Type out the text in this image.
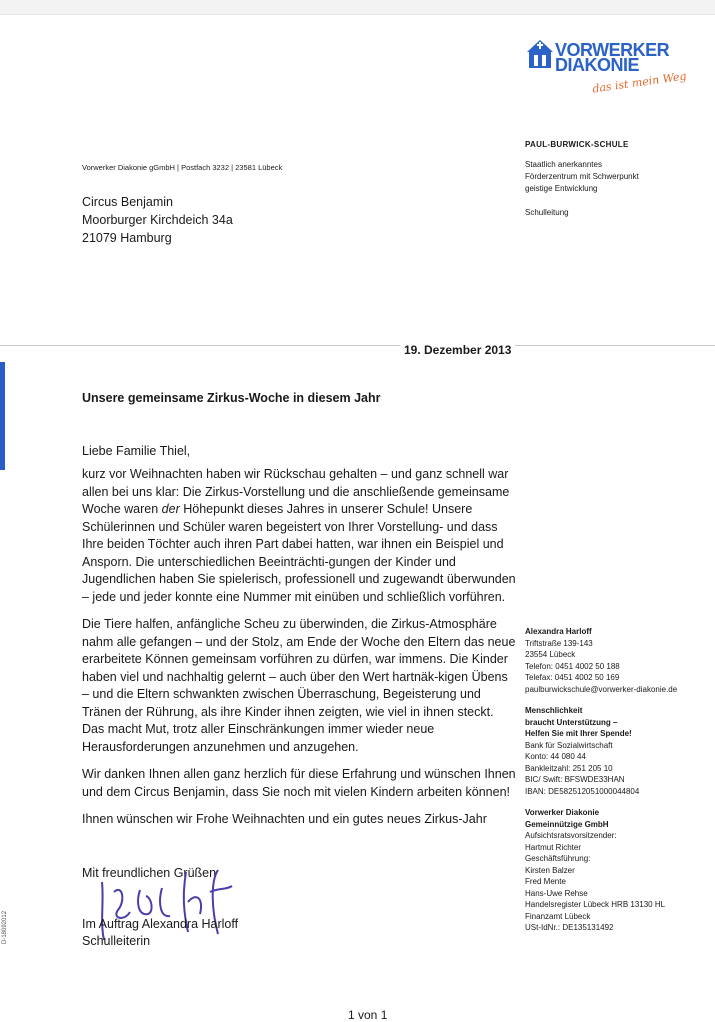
VORWERKER
DIAKONIE
das ist mein Weg
PAUL-BURWICK-SCHULE
Staatlich anerkanntes
Förderzentrum mit Schwerpunkt
geistige Entwicklung
Schulleitung
Vorwerker Diakonie gGmbH | Postfach 3232 | 23581 Lübeck
Circus Benjamin
Moorburger Kirchdeich 34a
21079 Hamburg
19. Dezember 2013
Unsere gemeinsame Zirkus-Woche in diesem Jahr
Liebe Familie Thiel,

kurz vor Weihnachten haben wir Rückschau gehalten – und ganz schnell war allen bei uns klar: Die Zirkus-Vorstellung und die anschließende gemeinsame Woche waren der Höhepunkt dieses Jahres in unserer Schule! Unsere Schülerinnen und Schüler waren begeistert von Ihrer Vorstellung- und dass Ihre beiden Töchter auch ihren Part dabei hatten, war ihnen ein Beispiel und Ansporn. Die unterschiedlichen Beeinträchti-gungen der Kinder und Jugendlichen haben Sie spielerisch, professionell und zugewandt überwunden – jede und jeder konnte eine Nummer mit einüben und schließlich vorführen.

Die Tiere halfen, anfängliche Scheu zu überwinden, die Zirkus-Atmosphäre nahm alle gefangen – und der Stolz, am Ende der Woche den Eltern das neue erarbeitete Können gemeinsam vorführen zu dürfen, war immens. Die Kinder haben viel und nachhaltig gelernt – auch über den Wert hartnäk-kigen Übens – und die Eltern schwankten zwischen Überraschung, Begeisterung und Tränen der Rührung, als ihre Kinder ihnen zeigten, wie viel in ihnen steckt. Das macht Mut, trotz aller Einschränkungen immer wieder neue Herausforderungen anzunehmen und anzugehen.

Wir danken Ihnen allen ganz herzlich für diese Erfahrung und wünschen Ihnen und dem Circus Benjamin, dass Sie noch mit vielen Kindern arbeiten können!

Ihnen wünschen wir Frohe Weihnachten und ein gutes neues Zirkus-Jahr

Mit freundlichen Grüßen
Im Auftrag Alexandra Harloff
Schulleiterin
Alexandra Harloff
Triftstraße 139-143
23554 Lübeck
Telefon: 0451 4002 50 188
Telefax: 0451 4002 50 169
paulburwickschule@vorwerker-diakonie.de
Menschlichkeit
braucht Unterstützung –
Helfen Sie mit Ihrer Spende!
Bank für Sozialwirtschaft
Konto: 44 080 44
Bankleitzahl: 251 205 10
BIC/ Swift: BFSWDE33HAN
IBAN: DE58251205100004480​4
Vorwerker Diakonie
Gemeinnützige GmbH
Aufsichtsratsvorsitzender:
Hartmut Richter
Geschäftsführung:
Kirsten Balzer
Fred Mente
Hans-Uwe Rehse
Handelsregister Lübeck HRB 13130 HL
Finanzamt Lübeck
USt-IdNr.: DE135131492
D-18092012
1 von 1
